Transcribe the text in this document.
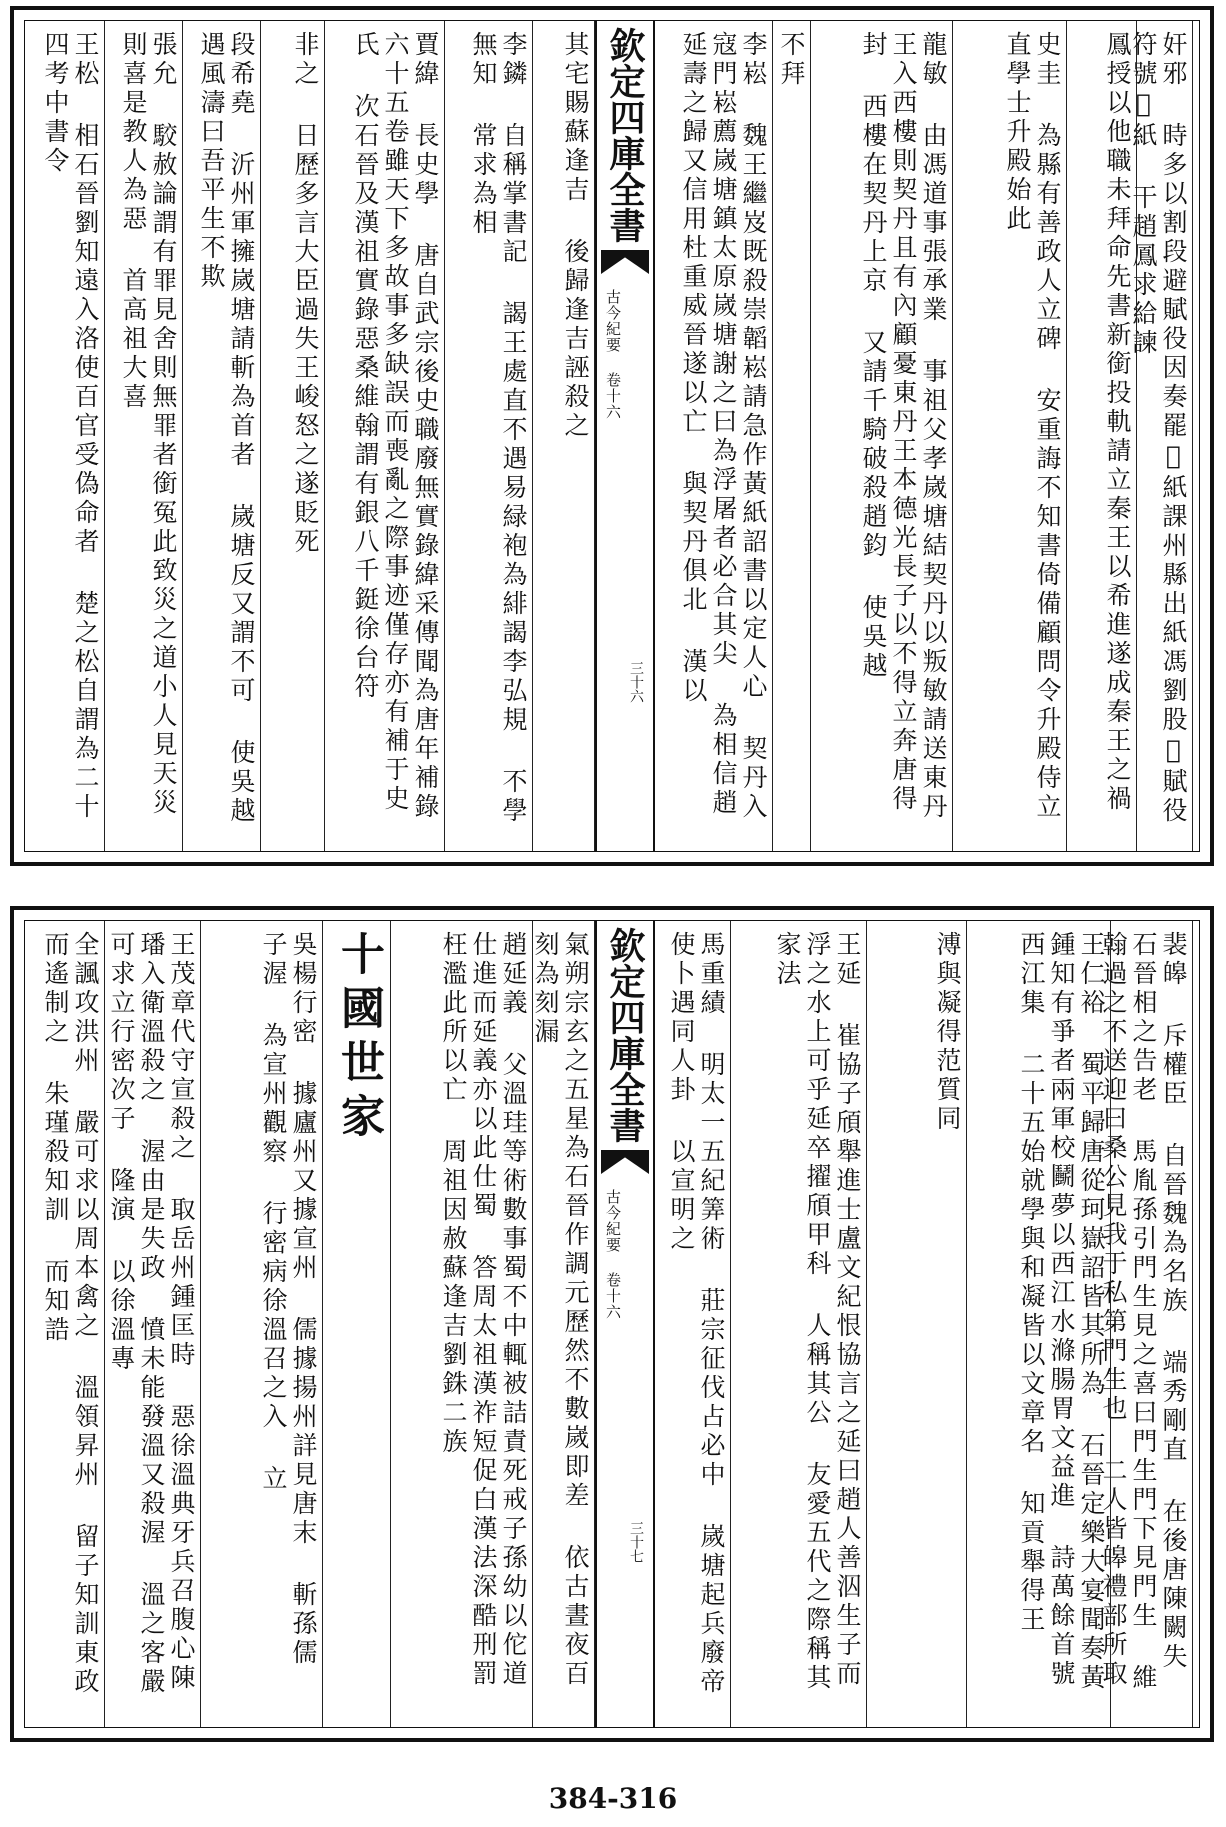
奸邪 時多以割段避賦役因奏罷𨦟紙課州縣出紙馮劉股𨦟賦役符號𨦟紙 干趙鳳求給諫
鳳授以他職未拜命先書新銜投軌請立秦王以希進遂成秦王之禍
史圭 為縣有善政人立碑 安重誨不知書倚備顧問令升殿侍立 直學士升殿始此
龍敏 由馮道事張承業 事祖父孝嵗塘結契丹以叛敏請送東丹王入西樓則契丹且有內顧憂東丹王本德光長子以不得立奔唐得封 西樓在契丹上京 又請千騎破殺趙鈞 使吳越
不拜
李崧 魏王繼岌既殺崇韜崧請急作黃紙詔書以定人心 契丹入寇門崧薦嵗塘鎮太原嵗塘謝之曰為浮屠者必合其尖 為相信趙延壽之歸又信用杜重威晉遂以亡 與契丹俱北 漢以
欽定四庫全書
古今紀要 卷十六
三十六
其宅賜蘇逢吉 後歸逢吉誣殺之
李鏻 自稱掌書記 謁王處直不遇易緑袍為緋謁李弘規 不學無知 常求為相
賈緯 長史學 唐自武宗後史職廢無實錄緯采傳聞為唐年補錄六十五卷雖天下多故事多缺誤而喪亂之際事迹僅存亦有補于史氏 次石晉及漢祖實錄惡桑維翰謂有銀八千鋌徐台符
非之 日歷多言大臣過失王峻怒之遂貶死
段希堯 沂州軍擁嵗塘請斬為首者 嵗塘反又謂不可 使吳越遇風濤曰吾平生不欺
張允 駮赦論謂有罪見舍則無罪者銜冤此致災之道小人見天災則喜是教人為惡 首高祖大喜
王松 相石晉劉知遠入洛使百官受偽命者 楚之松自謂為二十四考中書令
裴皞 斥權臣 自晉魏為名族 端秀剛直 在後唐陳闕失 石晉相之告老 馬胤孫引門生見之喜曰門生門下見門生 維翰過之不送迎曰桑公見我于私第門生也 二人皆皞禮部所取
王仁裕 蜀平歸唐從珂嶽詔皆其所為 石晉定樂大宴聞奏黃鍾知有爭者兩軍校鬭夢以西江水滌腸胃文益進 詩萬餘首號西江集 二十五始就學與和凝皆以文章名 知貢舉得王
溥與凝得范質同
王延 崔協子頎舉進士盧文紀恨協言之延曰趙人善泅生子而浮之水上可乎延卒擢頎甲科 人稱其公 友愛五代之際稱其家法
馬重績 明太一五紀筭術 莊宗征伐占必中 嵗塘起兵廢帝使卜遇同人卦 以宣明之
欽定四庫全書
古今紀要 卷十六
三十七
氣朔宗玄之五星為石晉作調元歷然不數嵗即差 依古晝夜百刻為刻漏
趙延義 父溫珪等術數事蜀不中輒被詰責死戒子孫幼以佗道仕進而延義亦以此仕蜀 答周太祖漢祚短促白漢法深酷刑罰枉濫此所以亡 周祖因赦蘇逢吉劉銖二族
十國世家
吳楊行密 據廬州又據宣州 儒據揚州詳見唐末 斬孫儒 子渥 為宣州觀察 行密病徐溫召之入 立
王茂章代守宣殺之 取岳州鍾匡時 惡徐溫典牙兵召腹心陳璠入衛溫殺之 渥由是失政 憤未能發溫又殺渥 溫之客嚴可求立行密次子 隆演 以徐溫專
全諷攻洪州 嚴可求以周本禽之 溫領昇州 留子知訓東政而遙制之 朱瑾殺知訓 而知誥
384-316
